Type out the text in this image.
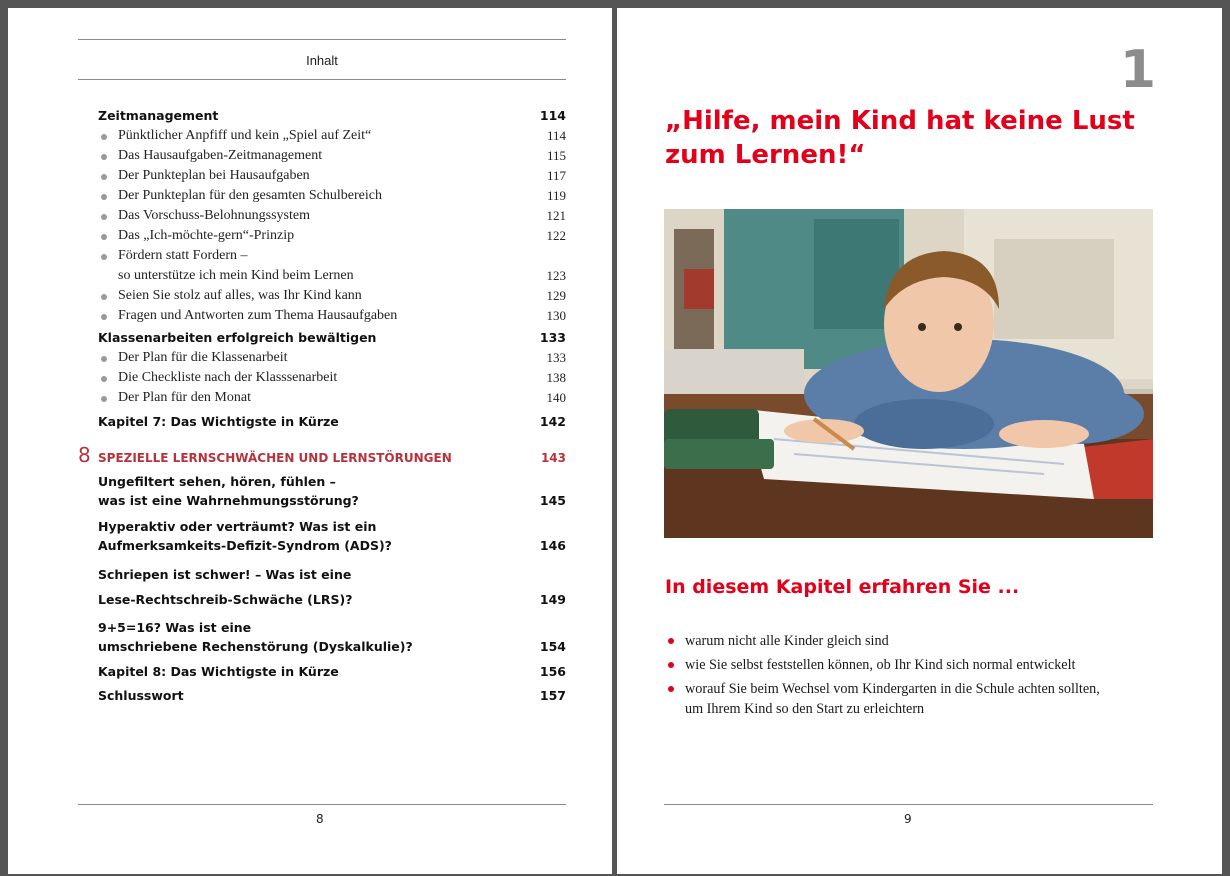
Inhalt
Zeitmanagement	114
Pünktlicher Anpfiff und kein „Spiel auf Zeit“	114
Das Hausaufgaben-Zeitmanagement	115
Der Punkteplan bei Hausaufgaben	117
Der Punkteplan für den gesamten Schulbereich	119
Das Vorschuss-Belohnungssystem	121
Das „Ich-möchte-gern“-Prinzip	122
Fördern statt Fordern –
so unterstütze ich mein Kind beim Lernen	123
Seien Sie stolz auf alles, was Ihr Kind kann	129
Fragen und Antworten zum Thema Hausaufgaben	130
Klassenarbeiten erfolgreich bewältigen	133
Der Plan für die Klassenarbeit	133
Die Checkliste nach der Klasssenarbeit	138
Der Plan für den Monat	140
Kapitel 7: Das Wichtigste in Kürze	142
8 SPEZIELLE LERNSCHWÄCHEN UND LERNSTÖRUNGEN	143
Ungefiltert sehen, hören, fühlen –
was ist eine Wahrnehmungsstörung?	145
Hyperaktiv oder verträumt? Was ist ein
Aufmerksamkeits-Defizit-Syndrom (ADS)?	146
Schriepen ist schwer! – Was ist eine
Lese-Rechtschreib-Schwäche (LRS)?	149
9+5=16? Was ist eine
umschriebene Rechenstörung (Dyskalkulie)?	154
Kapitel 8: Das Wichtigste in Kürze	156
Schlusswort	157
8
1
„Hilfe, mein Kind hat keine Lust
zum Lernen!“
In diesem Kapitel erfahren Sie ...
warum nicht alle Kinder gleich sind
wie Sie selbst feststellen können, ob Ihr Kind sich normal entwickelt
worauf Sie beim Wechsel vom Kindergarten in die Schule achten sollten,
um Ihrem Kind so den Start zu erleichtern
9
